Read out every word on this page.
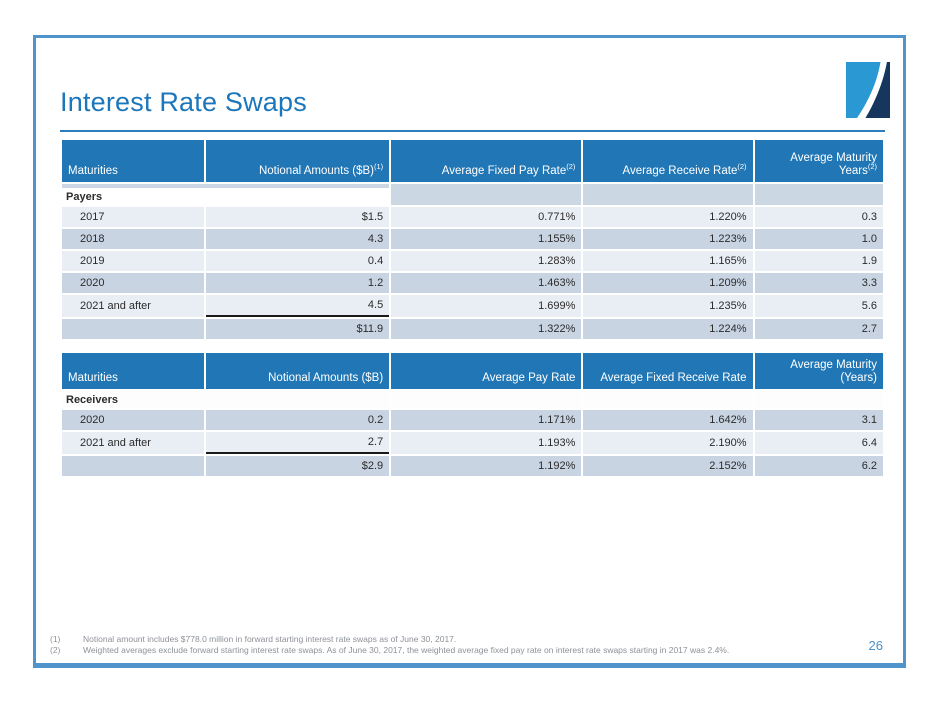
Interest Rate Swaps
Maturities	Notional Amounts ($B)$^{(1)}$	Average Fixed Pay Rate$^{(2)}$	Average Receive Rate$^{(2)}$	Average Maturity Years$^{(2)}$
Payers				
2017	$1.5	0.771%	1.220%	0.3
2018	4.3	1.155%	1.223%	1.0
2019	0.4	1.283%	1.165%	1.9
2020	1.2	1.463%	1.209%	3.3
2021 and after	4.5	1.699%	1.235%	5.6
	$11.9	1.322%	1.224%	2.7
Maturities	Notional Amounts ($B)	Average Pay Rate	Average Fixed Receive Rate	Average Maturity (Years)
Receivers				
2020	0.2	1.171%	1.642%	3.1
2021 and after	2.7	1.193%	2.190%	6.4
	$2.9	1.192%	2.152%	6.2
(1)	Notional amount includes $778.0 million in forward starting interest rate swaps as of June 30, 2017.
(2)	Weighted averages exclude forward starting interest rate swaps. As of June 30, 2017, the weighted average fixed pay rate on interest rate swaps starting in 2017 was 2.4%.	26
